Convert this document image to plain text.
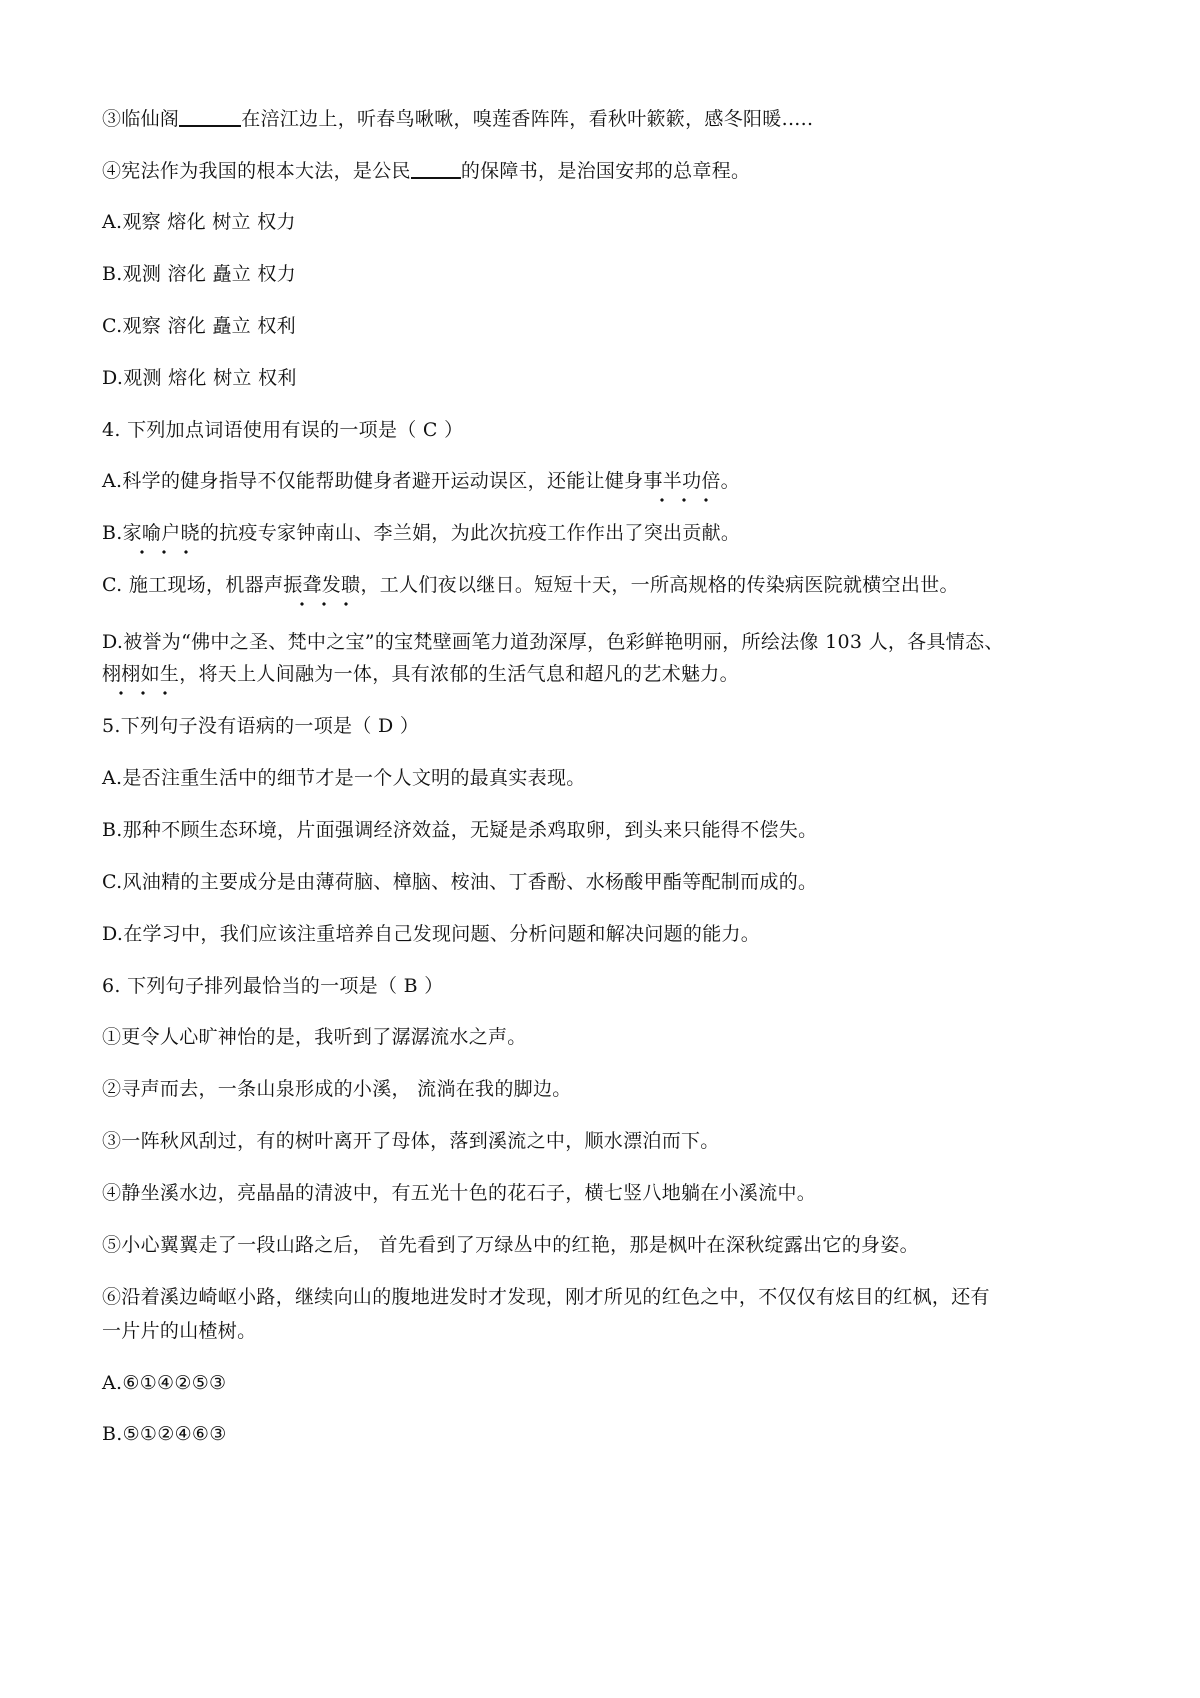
③临仙阁	在涪江边上，听春鸟啾啾，嗅莲香阵阵，看秋叶簌簌，感冬阳暖.....
④宪法作为我国的根本大法，是公民	的保障书，是治国安邦的总章程。
A.观察 熔化 树立 权力
B.观测 溶化 矗立 权力
C.观察 溶化 矗立 权利
D.观测 熔化 树立 权利
4. 下列加点词语使用有误的一项是（ C ）
A.科学的健身指导不仅能帮助健身者避开运动误区，还能让健身事半功倍。
B.家喻户晓的抗疫专家钟南山、李兰娟，为此次抗疫工作作出了突出贡献。
C. 施工现场，机器声振聋发聩，工人们夜以继日。短短十天，一所高规格的传染病医院就横空出世。
D.被誉为“佛中之圣、梵中之宝”的宝梵壁画笔力道劲深厚，色彩鲜艳明丽，所绘法像 103 人，各具情态、
栩栩如生，将天上人间融为一体，具有浓郁的生活气息和超凡的艺术魅力。
5.下列句子没有语病的一项是（ D ）
A.是否注重生活中的细节才是一个人文明的最真实表现。
B.那种不顾生态环境，片面强调经济效益，无疑是杀鸡取卵，到头来只能得不偿失。
C.风油精的主要成分是由薄荷脑、樟脑、桉油、丁香酚、水杨酸甲酯等配制而成的。
D.在学习中，我们应该注重培养自己发现问题、分析问题和解决问题的能力。
6. 下列句子排列最恰当的一项是（ B ）
①更令人心旷神怡的是，我听到了潺潺流水之声。
②寻声而去，一条山泉形成的小溪， 流淌在我的脚边。
③一阵秋风刮过，有的树叶离开了母体，落到溪流之中，顺水漂泊而下。
④静坐溪水边，亮晶晶的清波中，有五光十色的花石子，横七竖八地躺在小溪流中。
⑤小心翼翼走了一段山路之后， 首先看到了万绿丛中的红艳，那是枫叶在深秋绽露出它的身姿。
⑥沿着溪边崎岖小路，继续向山的腹地进发时才发现，刚才所见的红色之中，不仅仅有炫目的红枫，还有
一片片的山楂树。
A.⑥①④②⑤③
B.⑤①②④⑥③
